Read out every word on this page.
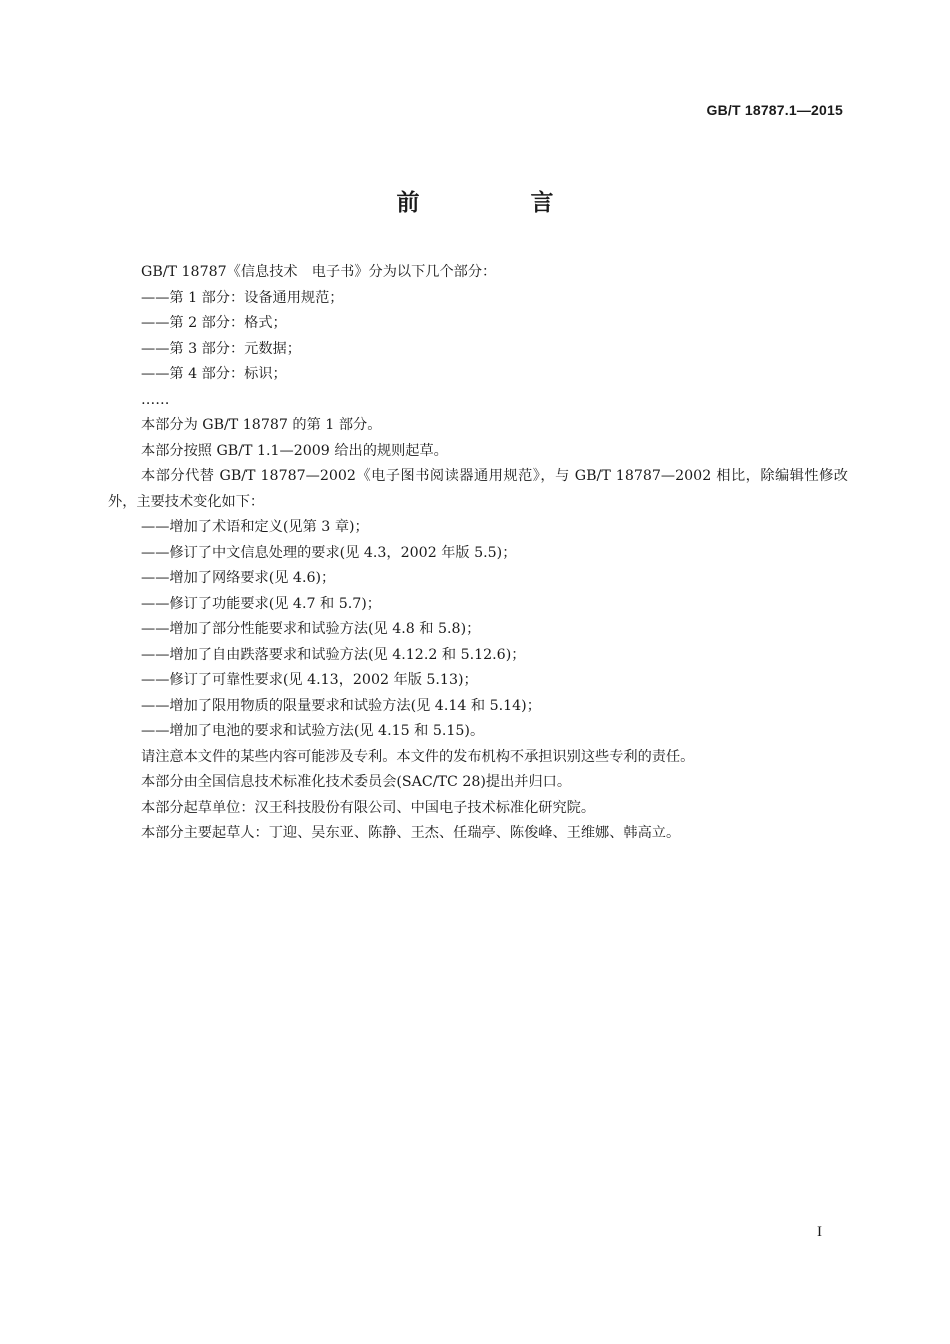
GB/T 18787.1—2015
前　言

GB/T 18787《信息技术　电子书》分为以下几个部分：

——第 1 部分：设备通用规范；

——第 2 部分：格式；

——第 3 部分：元数据；

——第 4 部分：标识；

……

本部分为 GB/T 18787 的第 1 部分。

本部分按照 GB/T 1.1—2009 给出的规则起草。

本部分代替 GB/T 18787—2002《电子图书阅读器通用规范》，与 GB/T 18787—2002 相比，除编辑性修改外，主要技术变化如下：

——增加了术语和定义(见第 3 章)；

——修订了中文信息处理的要求(见 4.3，2002 年版 5.5)；

——增加了网络要求(见 4.6)；

——修订了功能要求(见 4.7 和 5.7)；

——增加了部分性能要求和试验方法(见 4.8 和 5.8)；

——增加了自由跌落要求和试验方法(见 4.12.2 和 5.12.6)；

——修订了可靠性要求(见 4.13，2002 年版 5.13)；

——增加了限用物质的限量要求和试验方法(见 4.14 和 5.14)；

——增加了电池的要求和试验方法(见 4.15 和 5.15)。

请注意本文件的某些内容可能涉及专利。本文件的发布机构不承担识别这些专利的责任。

本部分由全国信息技术标准化技术委员会(SAC/TC 28)提出并归口。

本部分起草单位：汉王科技股份有限公司、中国电子技术标准化研究院。

本部分主要起草人：丁迎、吴东亚、陈静、王杰、任瑞亭、陈俊峰、王维娜、韩高立。

I
